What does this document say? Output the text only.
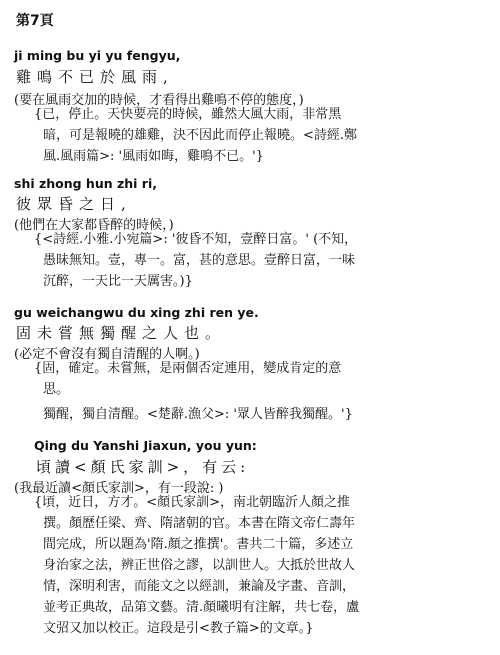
第7頁
ji ming bu yi yu fengyu,
雞鳴不已於風雨,
(要在風雨交加的時候，才看得出雞鳴不停的態度，)
{已，停止。天快要亮的時候，雖然大風大雨，非常黑
暗，可是報曉的雄雞，決不因此而停止報曉。<詩經.鄭
風.風雨篇>: '風雨如晦，雞鳴不已。'}
shi zhong hun zhi ri,
彼眾昏之日,
(他們在大家都昏醉的時候，)
{<詩經.小雅.小宛篇>: '彼昏不知，壹醉日富。' (不知，
愚昧無知。壹，專一。富，甚的意思。壹醉日富，一味
沉醉，一天比一天厲害。)}
gu weichangwu du xing zhi ren ye.
固未嘗無獨醒之人也。
(必定不會沒有獨自清醒的人啊。)
{固，確定。未嘗無，是兩個否定連用，變成肯定的意
思。
獨醒，獨自清醒。<楚辭.漁父>: '眾人皆醉我獨醒。'}
Qing du Yanshi Jiaxun, you yun:
頃讀<顏氏家訓>，有云:
(我最近讀<顏氏家訓>，有一段說: )
{頃，近日，方才。<顏氏家訓>，南北朝臨沂人顏之推
撰。顏歷任梁、齊、隋諸朝的官。本書在隋文帝仁壽年
間完成，所以題為'隋.顏之推撰'。書共二十篇，多述立
身治家之法，辨正世俗之謬，以訓世人。大抵於世故人
情，深明利害，而能文之以經訓，兼論及字畫、音訓，
並考正典故，品第文藝。清.顏曦明有注解，共七卷，盧
文弨又加以校正。這段是引<教子篇>的文章。}
